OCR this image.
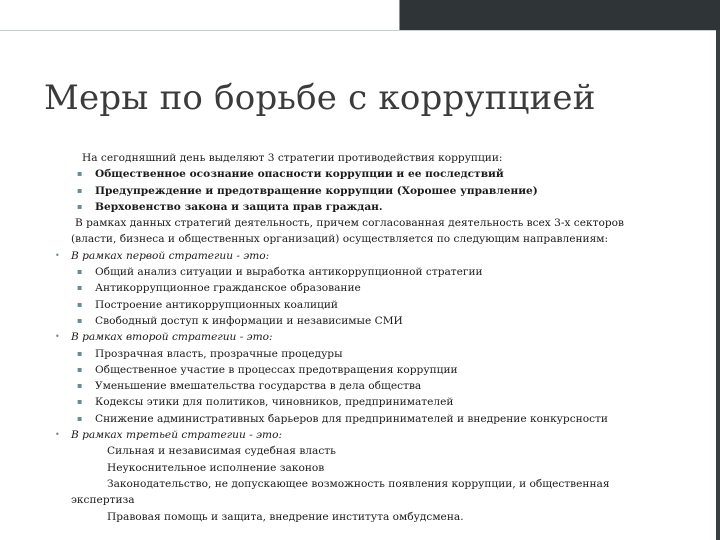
Меры по борьбе с коррупцией
На сегодняшний день выделяют 3 стратегии противодействия коррупции:
▪ Общественное осознание опасности коррупции и ее последствий
▪ Предупреждение и предотвращение коррупции (Хорошее управление)
▪ Верховенство закона и защита прав граждан.
В рамках данных стратегий деятельность, причем согласованная деятельность всех 3-х секторов
(власти, бизнеса и общественных организаций) осуществляется по следующим направлениям:
• В рамках первой стратегии - это:
▪ Общий анализ ситуации и выработка антикоррупционной стратегии
▪ Антикоррупционное гражданское образование
▪ Построение антикоррупционных коалиций
▪ Свободный доступ к информации и независимые СМИ
• В рамках второй стратегии - это:
▪ Прозрачная власть, прозрачные процедуры
▪ Общественное участие в процессах предотвращения коррупции
▪ Уменьшение вмешательства государства в дела общества
▪ Кодексы этики для политиков, чиновников, предпринимателей
▪ Снижение административных барьеров для предпринимателей и внедрение конкурсности
• В рамках третьей стратегии - это:
Сильная и независимая судебная власть
Неукоснительное исполнение законов
Законодательство, не допускающее возможность появления коррупции, и общественная
экспертиза
Правовая помощь и защита, внедрение института омбудсмена.
